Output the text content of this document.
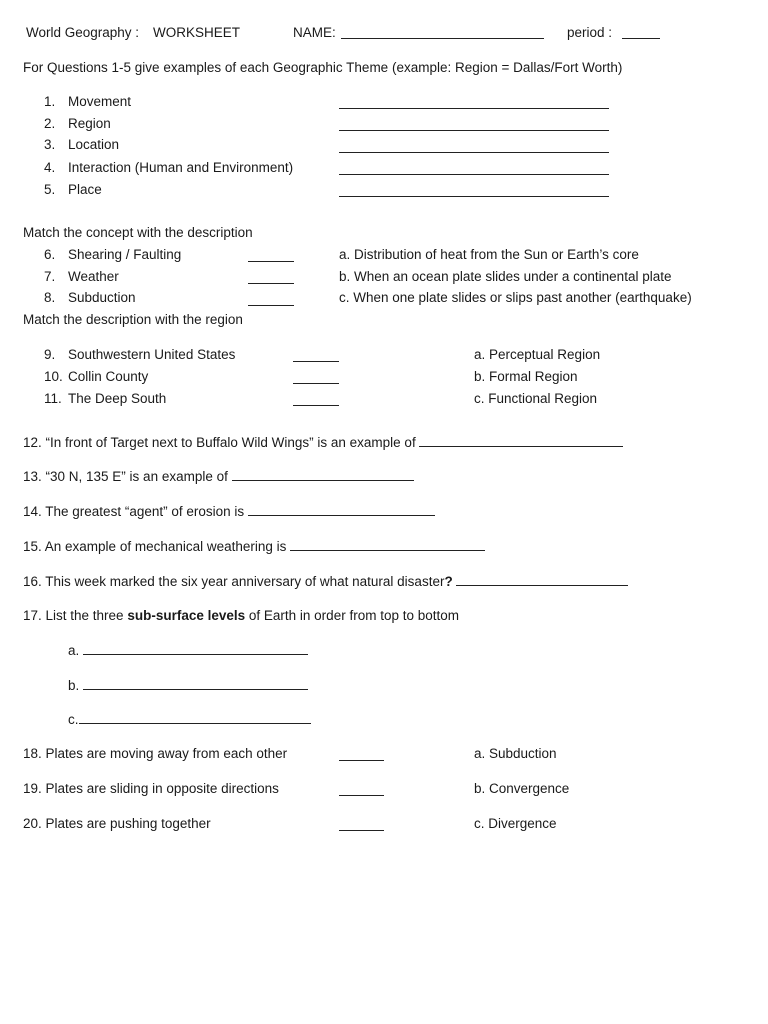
World Geography : WORKSHEET	NAME:	period :
For Questions 1-5 give examples of each Geographic Theme (example: Region = Dallas/Fort Worth)
1. Movement
2. Region
3. Location
4. Interaction (Human and Environment)
5. Place
Match the concept with the description
6. Shearing / Faulting	a. Distribution of heat from the Sun or Earth’s core
7. Weather	b. When an ocean plate slides under a continental plate
8. Subduction	c. When one plate slides or slips past another (earthquake)
Match the description with the region
9. Southwestern United States	a. Perceptual Region
10. Collin County	b. Formal Region
11. The Deep South	c. Functional Region
12. “In front of Target next to Buffalo Wild Wings” is an example of
13. “30 N, 135 E” is an example of
14. The greatest “agent” of erosion is
15. An example of mechanical weathering is
16. This week marked the six year anniversary of what natural disaster?
17. List the three sub-surface levels of Earth in order from top to bottom
a.
b.
c.
18. Plates are moving away from each other	a. Subduction
19. Plates are sliding in opposite directions	b. Convergence
20. Plates are pushing together	c. Divergence
